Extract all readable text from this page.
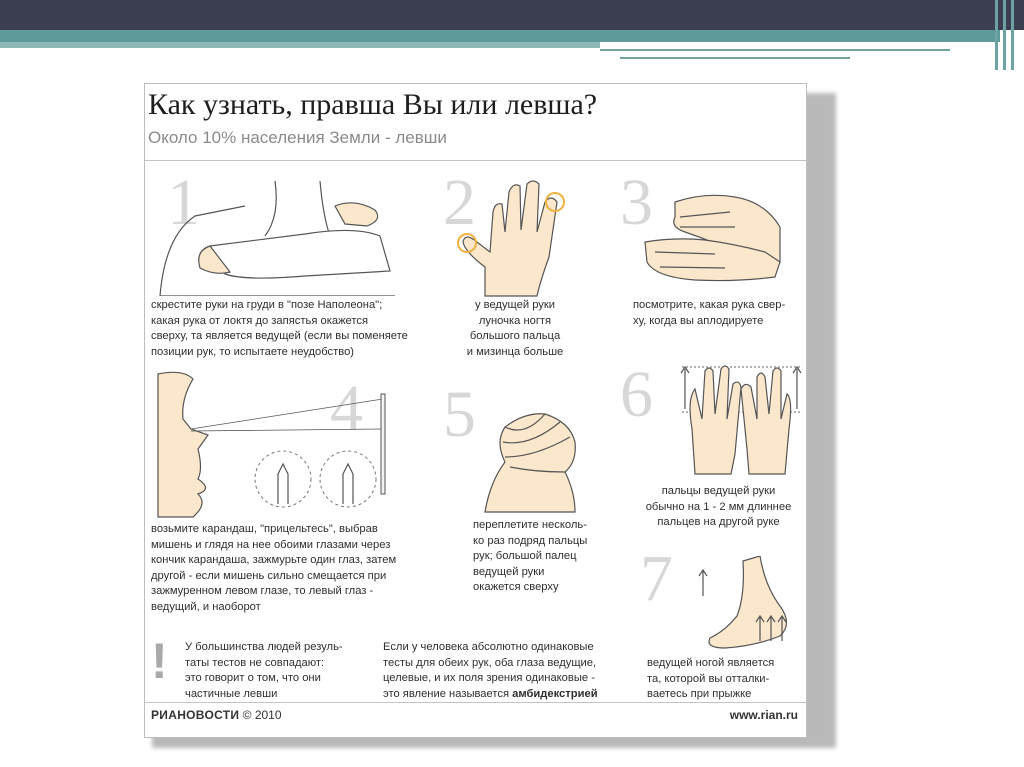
Как узнать, правша Вы или левша?
Около 10% населения Земли - левши
1
скрестите руки на груди в "позе Наполеона";
какая рука от локтя до запястья окажется
сверху, та является ведущей (если вы поменяете
позиции рук, то испытаете неудобство)
2
у ведущей руки
луночка ногтя
большого пальца
и мизинца больше
3
посмотрите, какая рука свер-
ху, когда вы аплодируете
4
возьмите карандаш, "прицельтесь", выбрав
мишень и глядя на нее обоими глазами через
кончик карандаша, зажмурьте один глаз, затем
другой - если мишень сильно смещается при
зажмуренном левом глазе, то левый глаз -
ведущий, и наоборот
5
переплетите несколь-
ко раз подряд пальцы
рук; большой палец
ведущей руки
окажется сверху
6
пальцы ведущей руки
обычно на 1 - 2 мм длиннее
пальцев на другой руке
7
ведущей ногой является
та, которой вы отталки-
ваетесь при прыжке
! У большинства людей резуль-
таты тестов не совпадают:
это говорит о том, что они
частичные левши
Если у человека абсолютно одинаковые
тесты для обеих рук, оба глаза ведущие,
целевые, и их поля зрения одинаковые -
это явление называется амбидекстрией
РИАНОВОСТИ © 2010	www.rian.ru
